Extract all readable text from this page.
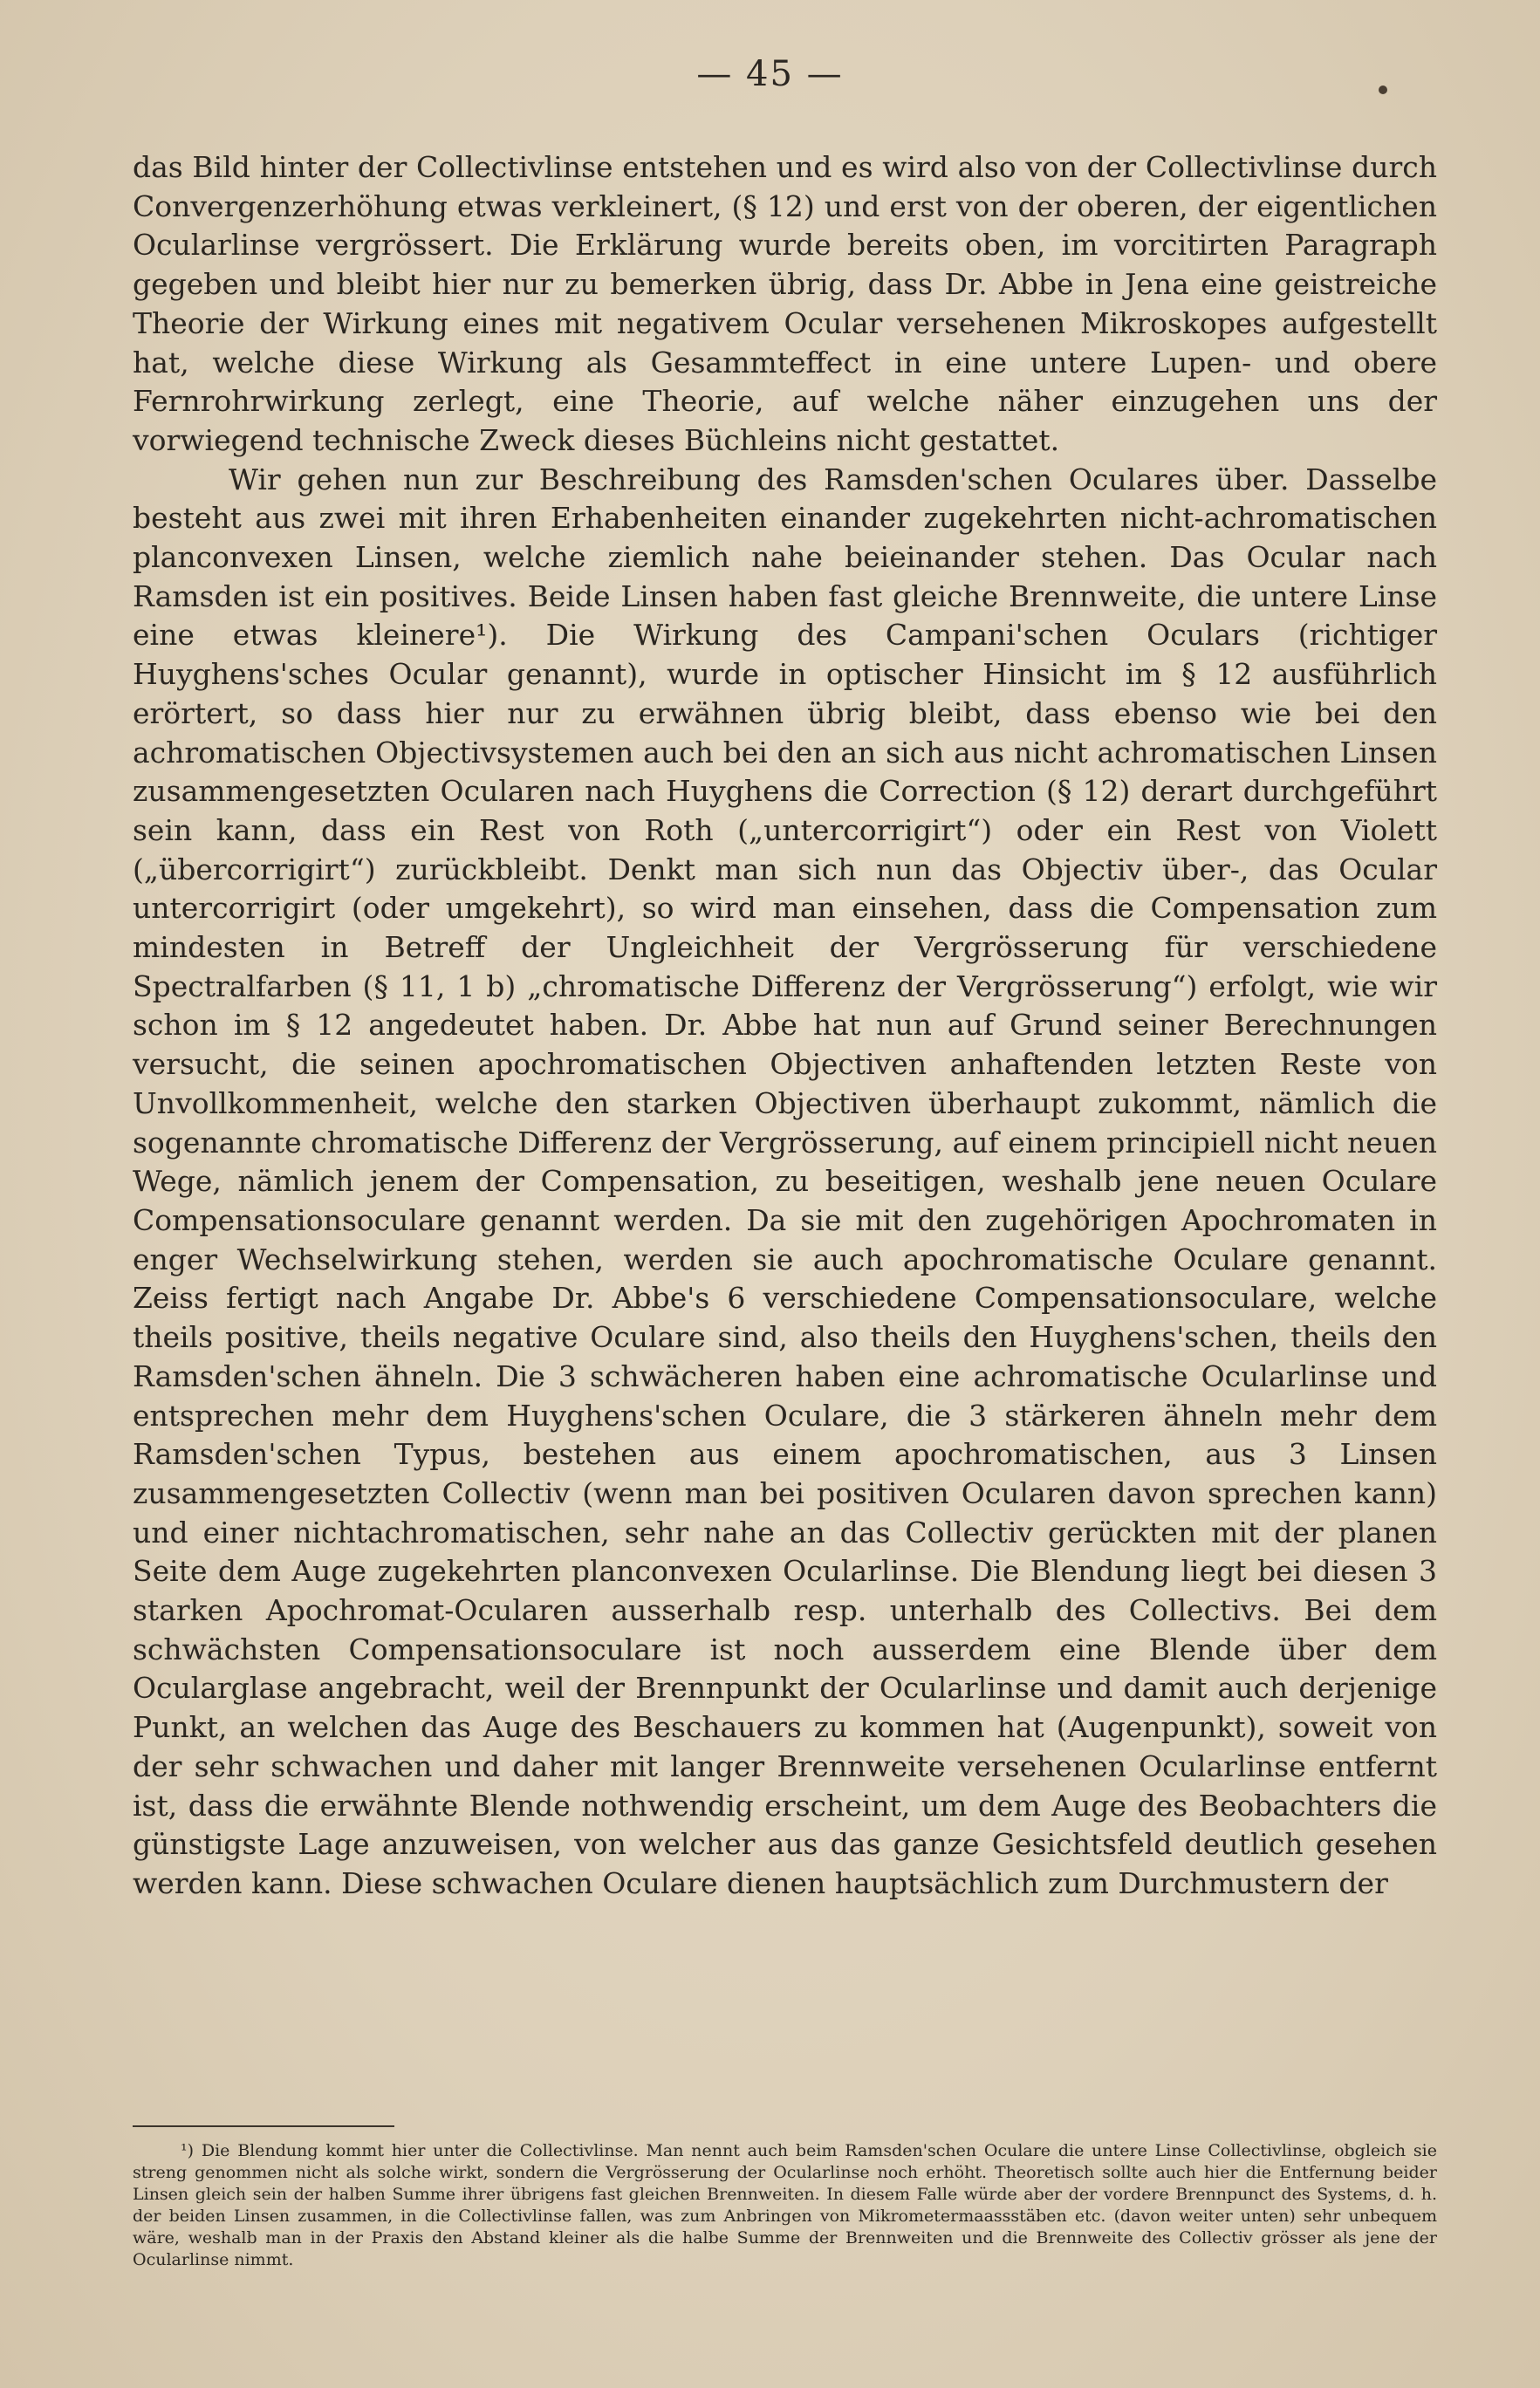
— 45 —

das Bild hinter der Collectivlinse entstehen und es wird also von der Collectivlinse durch Convergenzerhöhung etwas verkleinert, (§ 12) und erst von der oberen, der eigentlichen Ocularlinse vergrössert. Die Erklärung wurde bereits oben, im vorcitirten Paragraph gegeben und bleibt hier nur zu bemerken übrig, dass Dr. Abbe in Jena eine geistreiche Theorie der Wirkung eines mit negativem Ocular versehenen Mikroskopes aufgestellt hat, welche diese Wirkung als Gesammteffect in eine untere Lupen- und obere Fernrohrwirkung zerlegt, eine Theorie, auf welche näher einzugehen uns der vorwiegend technische Zweck dieses Büchleins nicht gestattet.

Wir gehen nun zur Beschreibung des Ramsden'schen Oculares über. Dasselbe besteht aus zwei mit ihren Erhabenheiten einander zugekehrten nicht-achromatischen planconvexen Linsen, welche ziemlich nahe beieinander stehen. Das Ocular nach Ramsden ist ein positives. Beide Linsen haben fast gleiche Brennweite, die untere Linse eine etwas kleinere¹). Die Wirkung des Campani'schen Oculars (richtiger Huyghens'sches Ocular genannt), wurde in optischer Hinsicht im § 12 ausführlich erörtert, so dass hier nur zu erwähnen übrig bleibt, dass ebenso wie bei den achromatischen Objectivsystemen auch bei den an sich aus nicht achromatischen Linsen zusammengesetzten Ocularen nach Huyghens die Correction (§ 12) derart durchgeführt sein kann, dass ein Rest von Roth („untercorrigirt“) oder ein Rest von Violett („übercorrigirt“) zurückbleibt. Denkt man sich nun das Objectiv über-, das Ocular untercorrigirt (oder umgekehrt), so wird man einsehen, dass die Compensation zum mindesten in Betreff der Ungleichheit der Vergrösserung für verschiedene Spectralfarben (§ 11, 1 b) „chromatische Differenz der Vergrösserung“) erfolgt, wie wir schon im § 12 angedeutet haben. Dr. Abbe hat nun auf Grund seiner Berechnungen versucht, die seinen apochromatischen Objectiven anhaftenden letzten Reste von Unvollkommenheit, welche den starken Objectiven überhaupt zukommt, nämlich die sogenannte chromatische Differenz der Vergrösserung, auf einem principiell nicht neuen Wege, nämlich jenem der Compensation, zu beseitigen, weshalb jene neuen Oculare Compensationsoculare genannt werden. Da sie mit den zugehörigen Apochromaten in enger Wechselwirkung stehen, werden sie auch apochromatische Oculare genannt. Zeiss fertigt nach Angabe Dr. Abbe's 6 verschiedene Compensationsoculare, welche theils positive, theils negative Oculare sind, also theils den Huyghens'schen, theils den Ramsden'schen ähneln. Die 3 schwächeren haben eine achromatische Ocularlinse und entsprechen mehr dem Huyghens'schen Oculare, die 3 stärkeren ähneln mehr dem Ramsden'schen Typus, bestehen aus einem apochromatischen, aus 3 Linsen zusammengesetzten Collectiv (wenn man bei positiven Ocularen davon sprechen kann) und einer nichtachromatischen, sehr nahe an das Collectiv gerückten mit der planen Seite dem Auge zugekehrten planconvexen Ocularlinse. Die Blendung liegt bei diesen 3 starken Apochromat-Ocularen ausserhalb resp. unterhalb des Collectivs. Bei dem schwächsten Compensationsoculare ist noch ausserdem eine Blende über dem Ocularglase angebracht, weil der Brennpunkt der Ocularlinse und damit auch derjenige Punkt, an welchen das Auge des Beschauers zu kommen hat (Augenpunkt), soweit von der sehr schwachen und daher mit langer Brennweite versehenen Ocularlinse entfernt ist, dass die erwähnte Blende nothwendig erscheint, um dem Auge des Beobachters die günstigste Lage anzuweisen, von welcher aus das ganze Gesichtsfeld deutlich gesehen werden kann. Diese schwachen Oculare dienen hauptsächlich zum Durchmustern der

¹) Die Blendung kommt hier unter die Collectivlinse. Man nennt auch beim Ramsden'schen Oculare die untere Linse Collectivlinse, obgleich sie streng genommen nicht als solche wirkt, sondern die Vergrösserung der Ocularlinse noch erhöht. Theoretisch sollte auch hier die Entfernung beider Linsen gleich sein der halben Summe ihrer übrigens fast gleichen Brennweiten. In diesem Falle würde aber der vordere Brennpunct des Systems, d. h. der beiden Linsen zusammen, in die Collectivlinse fallen, was zum Anbringen von Mikrometermaassstäben etc. (davon weiter unten) sehr unbequem wäre, weshalb man in der Praxis den Abstand kleiner als die halbe Summe der Brennweiten und die Brennweite des Collectiv grösser als jene der Ocularlinse nimmt.
